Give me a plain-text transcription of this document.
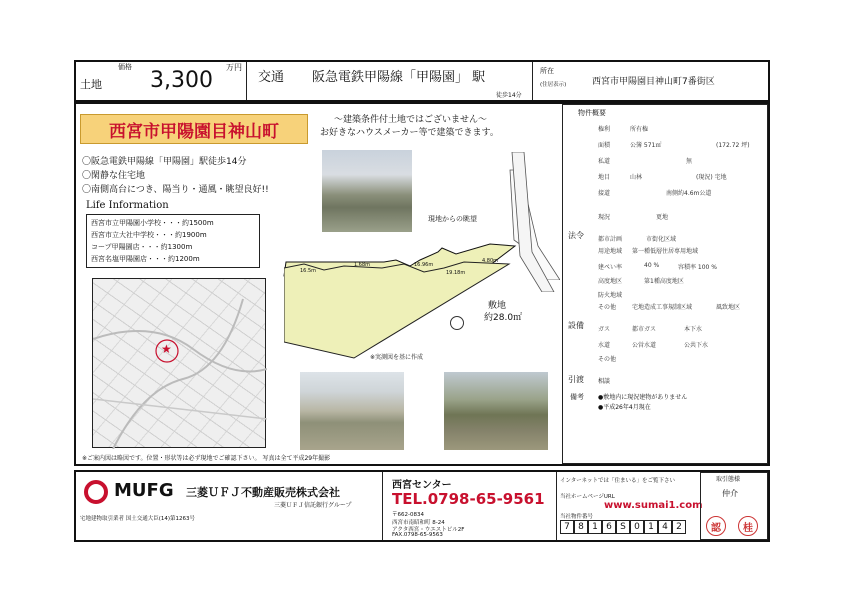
土地
価格
3,300
万円
交通 阪急電鉄甲陽線「甲陽園」 駅
徒歩14分
所在
(住居表示)	西宮市甲陽園目神山町7番街区
西宮市甲陽園目神山町
～建築条件付土地ではございません～
お好きなハウスメーカー等で建築できます。
〇阪急電鉄甲陽線「甲陽園」駅徒歩14分
〇閑静な住宅地
〇南側高台につき、陽当り・通風・眺望良好!!
Life Information
西宮市立甲陽園小学校・・・約1500m
西宮市立大社中学校・・・約1900m
コープ甲陽園店・・・約1300m
西宮名塩甲陽園店・・・約1200m
★
現地からの眺望
16.5m
1.68m	16.96m
19.18m
4.80m
敷地
約28.0㎡
※実測図を基に作成
※ご案内図は略図です。位置・形状等は必ず現地でご確認下さい。 写真は全て平成29年撮影
物件概要
権利	所有権
面積	公簿 571㎡	(172.72 坪)
私道	無
地目	山林	(現況) 宅地
接道	南側約4.6m公道
現況	更地
法令 都市計画	市街化区域
用途地域 第一種低層住居専用地域
建ぺい率	40 %	容積率 100 %
高度地区	第1種高度地区
防火地域
その他	宅地造成工事規制区域	風致地区
設備 ガス	都市ガス	本下水
水道	公営水道	公共下水
その他
引渡 相談
備考 ●敷地内に現況建物がありません
●平成26年4月現在
MUFG 三菱ＵＦＪ不動産販売株式会社
三菱ＵＦＪ信託銀行グループ
宅地建物取引業者 国土交通大臣(14)第1263号
西宮センター
TEL.0798-65-9561
〒662-0834
西宮市南昭和町 8-24
アクタ西宮・ウエストビル2F
FAX.0798-65-9563
インターネットでは「住まいる」をご覧下さい
当社ホームページURL
www.sumai1.com
当社物件番号
7 8 1 6 S 0 1 4 2
取引態様
仲介
認	桂
